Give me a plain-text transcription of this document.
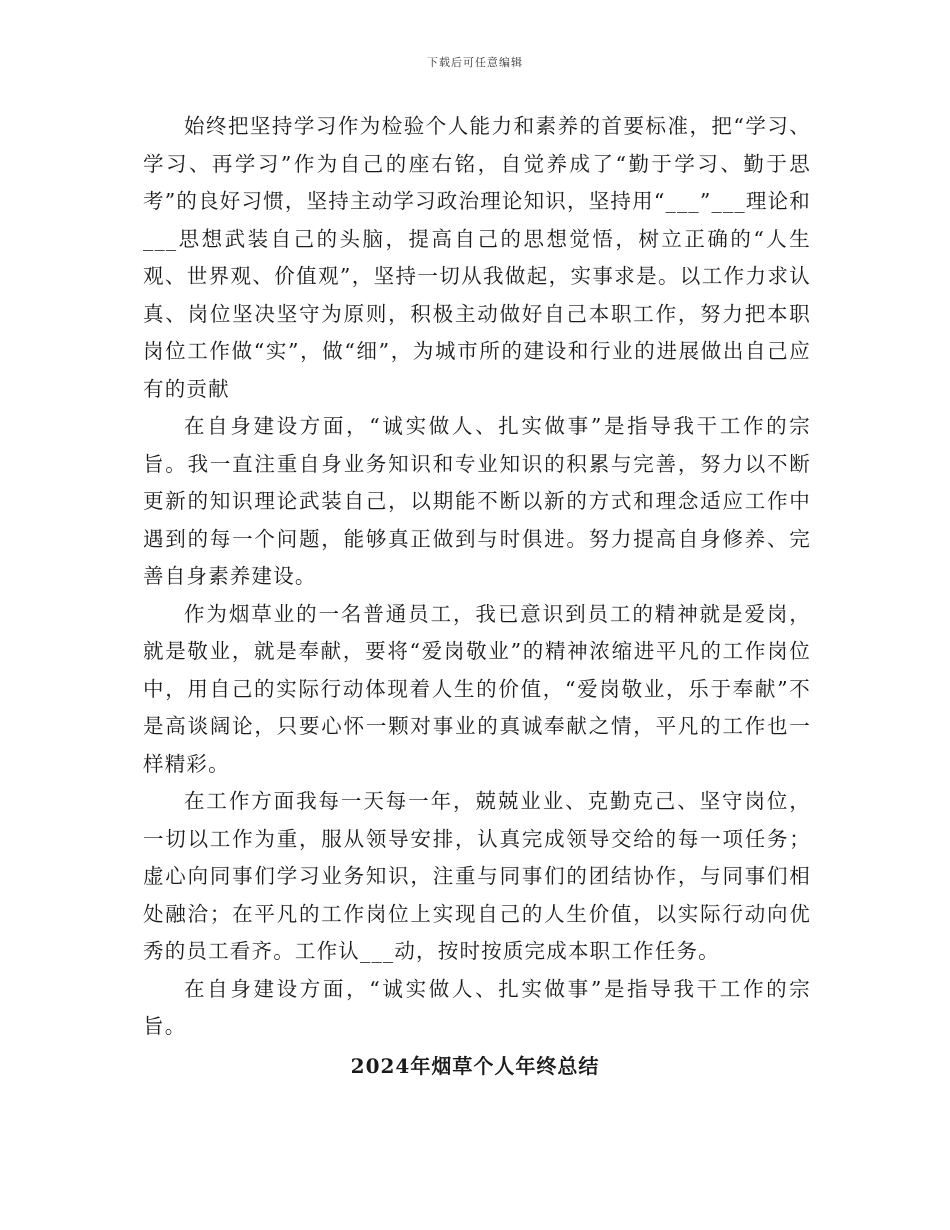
下载后可任意编辑

始终把坚持学习作为检验个人能力和素养的首要标准，把“学习、学习、再学习”作为自己的座右铭，自觉养成了“勤于学习、勤于思考”的良好习惯，坚持主动学习政治理论知识，坚持用“___”___理论和___思想武装自己的头脑，提高自己的思想觉悟，树立正确的“人生观、世界观、价值观”，坚持一切从我做起，实事求是。以工作力求认真、岗位坚决坚守为原则，积极主动做好自己本职工作，努力把本职岗位工作做“实”，做“细”，为城市所的建设和行业的进展做出自己应有的贡献

在自身建设方面，“诚实做人、扎实做事”是指导我干工作的宗旨。我一直注重自身业务知识和专业知识的积累与完善，努力以不断更新的知识理论武装自己，以期能不断以新的方式和理念适应工作中遇到的每一个问题，能够真正做到与时俱进。努力提高自身修养、完善自身素养建设。

作为烟草业的一名普通员工，我已意识到员工的精神就是爱岗，就是敬业，就是奉献，要将“爱岗敬业”的精神浓缩进平凡的工作岗位中，用自己的实际行动体现着人生的价值，“爱岗敬业，乐于奉献”不是高谈阔论，只要心怀一颗对事业的真诚奉献之情，平凡的工作也一样精彩。

在工作方面我每一天每一年，兢兢业业、克勤克己、坚守岗位，一切以工作为重，服从领导安排，认真完成领导交给的每一项任务；虚心向同事们学习业务知识，注重与同事们的团结协作，与同事们相处融洽；在平凡的工作岗位上实现自己的人生价值，以实际行动向优秀的员工看齐。工作认___动，按时按质完成本职工作任务。

在自身建设方面，“诚实做人、扎实做事”是指导我干工作的宗旨。

2024年烟草个人年终总结
